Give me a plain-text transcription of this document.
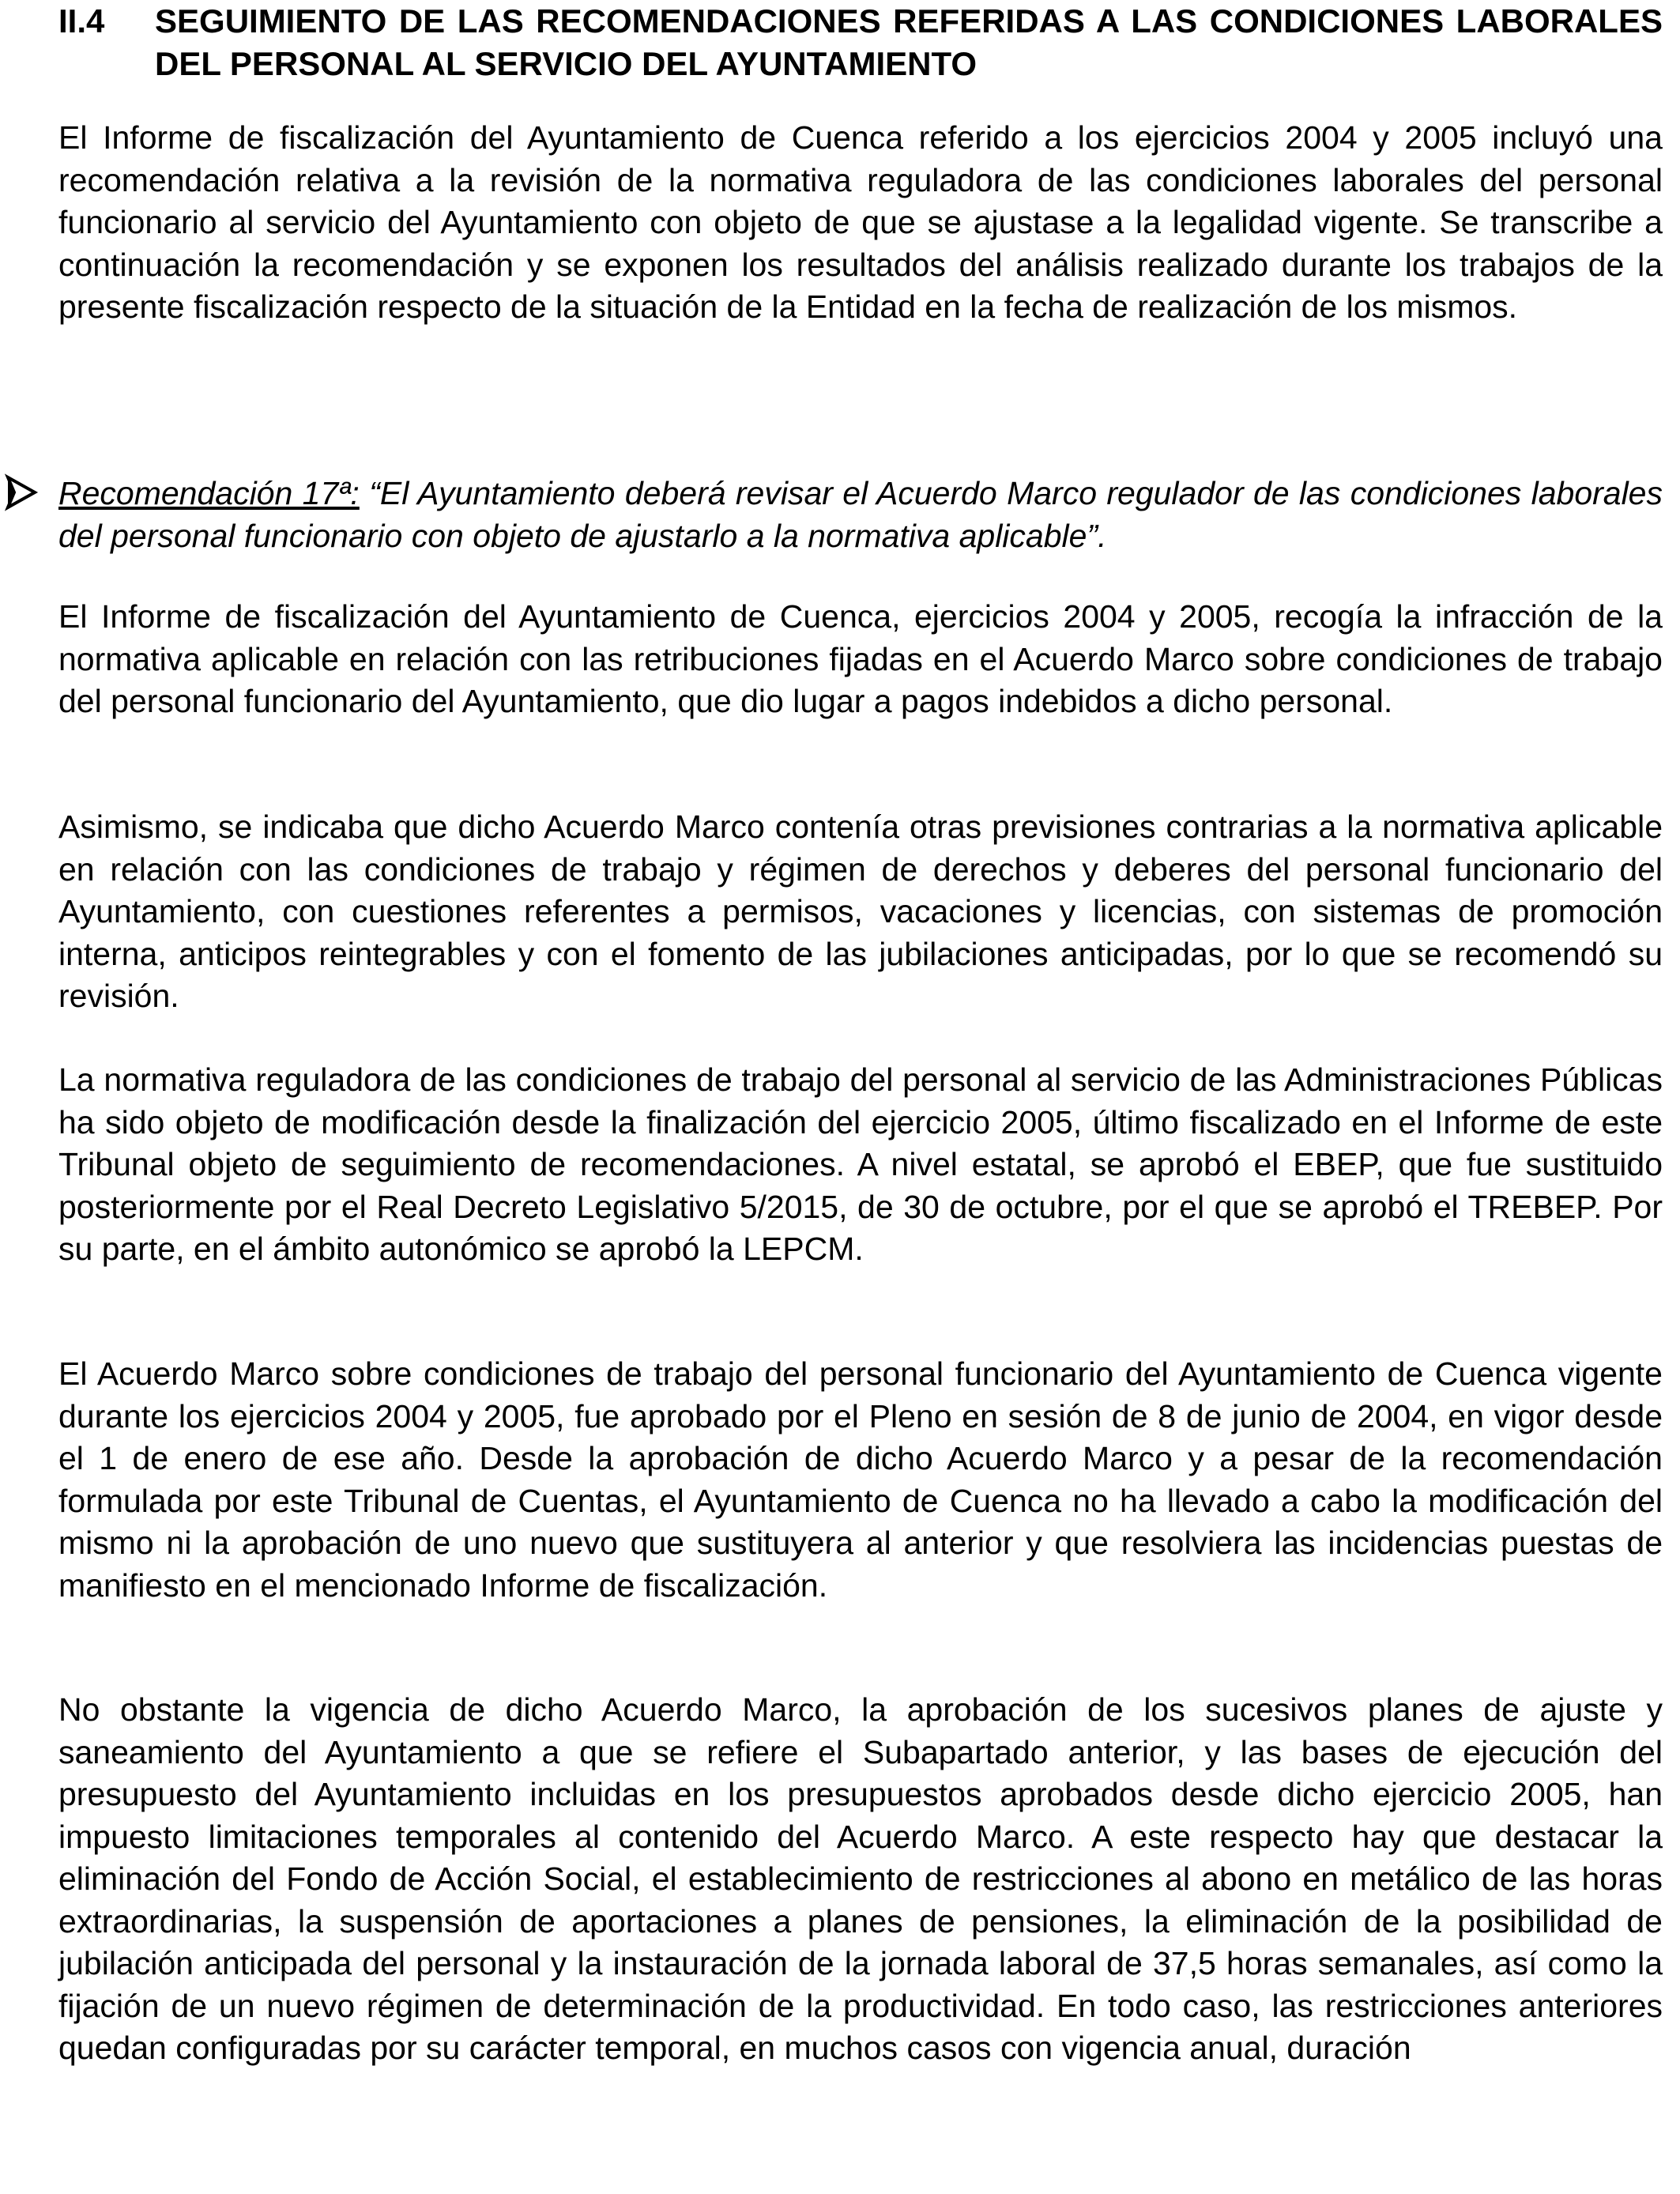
II.4 SEGUIMIENTO DE LAS RECOMENDACIONES REFERIDAS A LAS CONDICIONES LABORALES DEL PERSONAL AL SERVICIO DEL AYUNTAMIENTO

El Informe de fiscalización del Ayuntamiento de Cuenca referido a los ejercicios 2004 y 2005 incluyó una recomendación relativa a la revisión de la normativa reguladora de las condiciones laborales del personal funcionario al servicio del Ayuntamiento con objeto de que se ajustase a la legalidad vigente. Se transcribe a continuación la recomendación y se exponen los resultados del análisis realizado durante los trabajos de la presente fiscalización respecto de la situación de la Entidad en la fecha de realización de los mismos.

Recomendación 17ª: “El Ayuntamiento deberá revisar el Acuerdo Marco regulador de las condiciones laborales del personal funcionario con objeto de ajustarlo a la normativa aplicable”.

El Informe de fiscalización del Ayuntamiento de Cuenca, ejercicios 2004 y 2005, recogía la infracción de la normativa aplicable en relación con las retribuciones fijadas en el Acuerdo Marco sobre condiciones de trabajo del personal funcionario del Ayuntamiento, que dio lugar a pagos indebidos a dicho personal.

Asimismo, se indicaba que dicho Acuerdo Marco contenía otras previsiones contrarias a la normativa aplicable en relación con las condiciones de trabajo y régimen de derechos y deberes del personal funcionario del Ayuntamiento, con cuestiones referentes a permisos, vacaciones y licencias, con sistemas de promoción interna, anticipos reintegrables y con el fomento de las jubilaciones anticipadas, por lo que se recomendó su revisión.

La normativa reguladora de las condiciones de trabajo del personal al servicio de las Administraciones Públicas ha sido objeto de modificación desde la finalización del ejercicio 2005, último fiscalizado en el Informe de este Tribunal objeto de seguimiento de recomendaciones. A nivel estatal, se aprobó el EBEP, que fue sustituido posteriormente por el Real Decreto Legislativo 5/2015, de 30 de octubre, por el que se aprobó el TREBEP. Por su parte, en el ámbito autonómico se aprobó la LEPCM.

El Acuerdo Marco sobre condiciones de trabajo del personal funcionario del Ayuntamiento de Cuenca vigente durante los ejercicios 2004 y 2005, fue aprobado por el Pleno en sesión de 8 de junio de 2004, en vigor desde el 1 de enero de ese año. Desde la aprobación de dicho Acuerdo Marco y a pesar de la recomendación formulada por este Tribunal de Cuentas, el Ayuntamiento de Cuenca no ha llevado a cabo la modificación del mismo ni la aprobación de uno nuevo que sustituyera al anterior y que resolviera las incidencias puestas de manifiesto en el mencionado Informe de fiscalización.

No obstante la vigencia de dicho Acuerdo Marco, la aprobación de los sucesivos planes de ajuste y saneamiento del Ayuntamiento a que se refiere el Subapartado anterior, y las bases de ejecución del presupuesto del Ayuntamiento incluidas en los presupuestos aprobados desde dicho ejercicio 2005, han impuesto limitaciones temporales al contenido del Acuerdo Marco. A este respecto hay que destacar la eliminación del Fondo de Acción Social, el establecimiento de restricciones al abono en metálico de las horas extraordinarias, la suspensión de aportaciones a planes de pensiones, la eliminación de la posibilidad de jubilación anticipada del personal y la instauración de la jornada laboral de 37,5 horas semanales, así como la fijación de un nuevo régimen de determinación de la productividad. En todo caso, las restricciones anteriores quedan configuradas por su carácter temporal, en muchos casos con vigencia anual, duración
